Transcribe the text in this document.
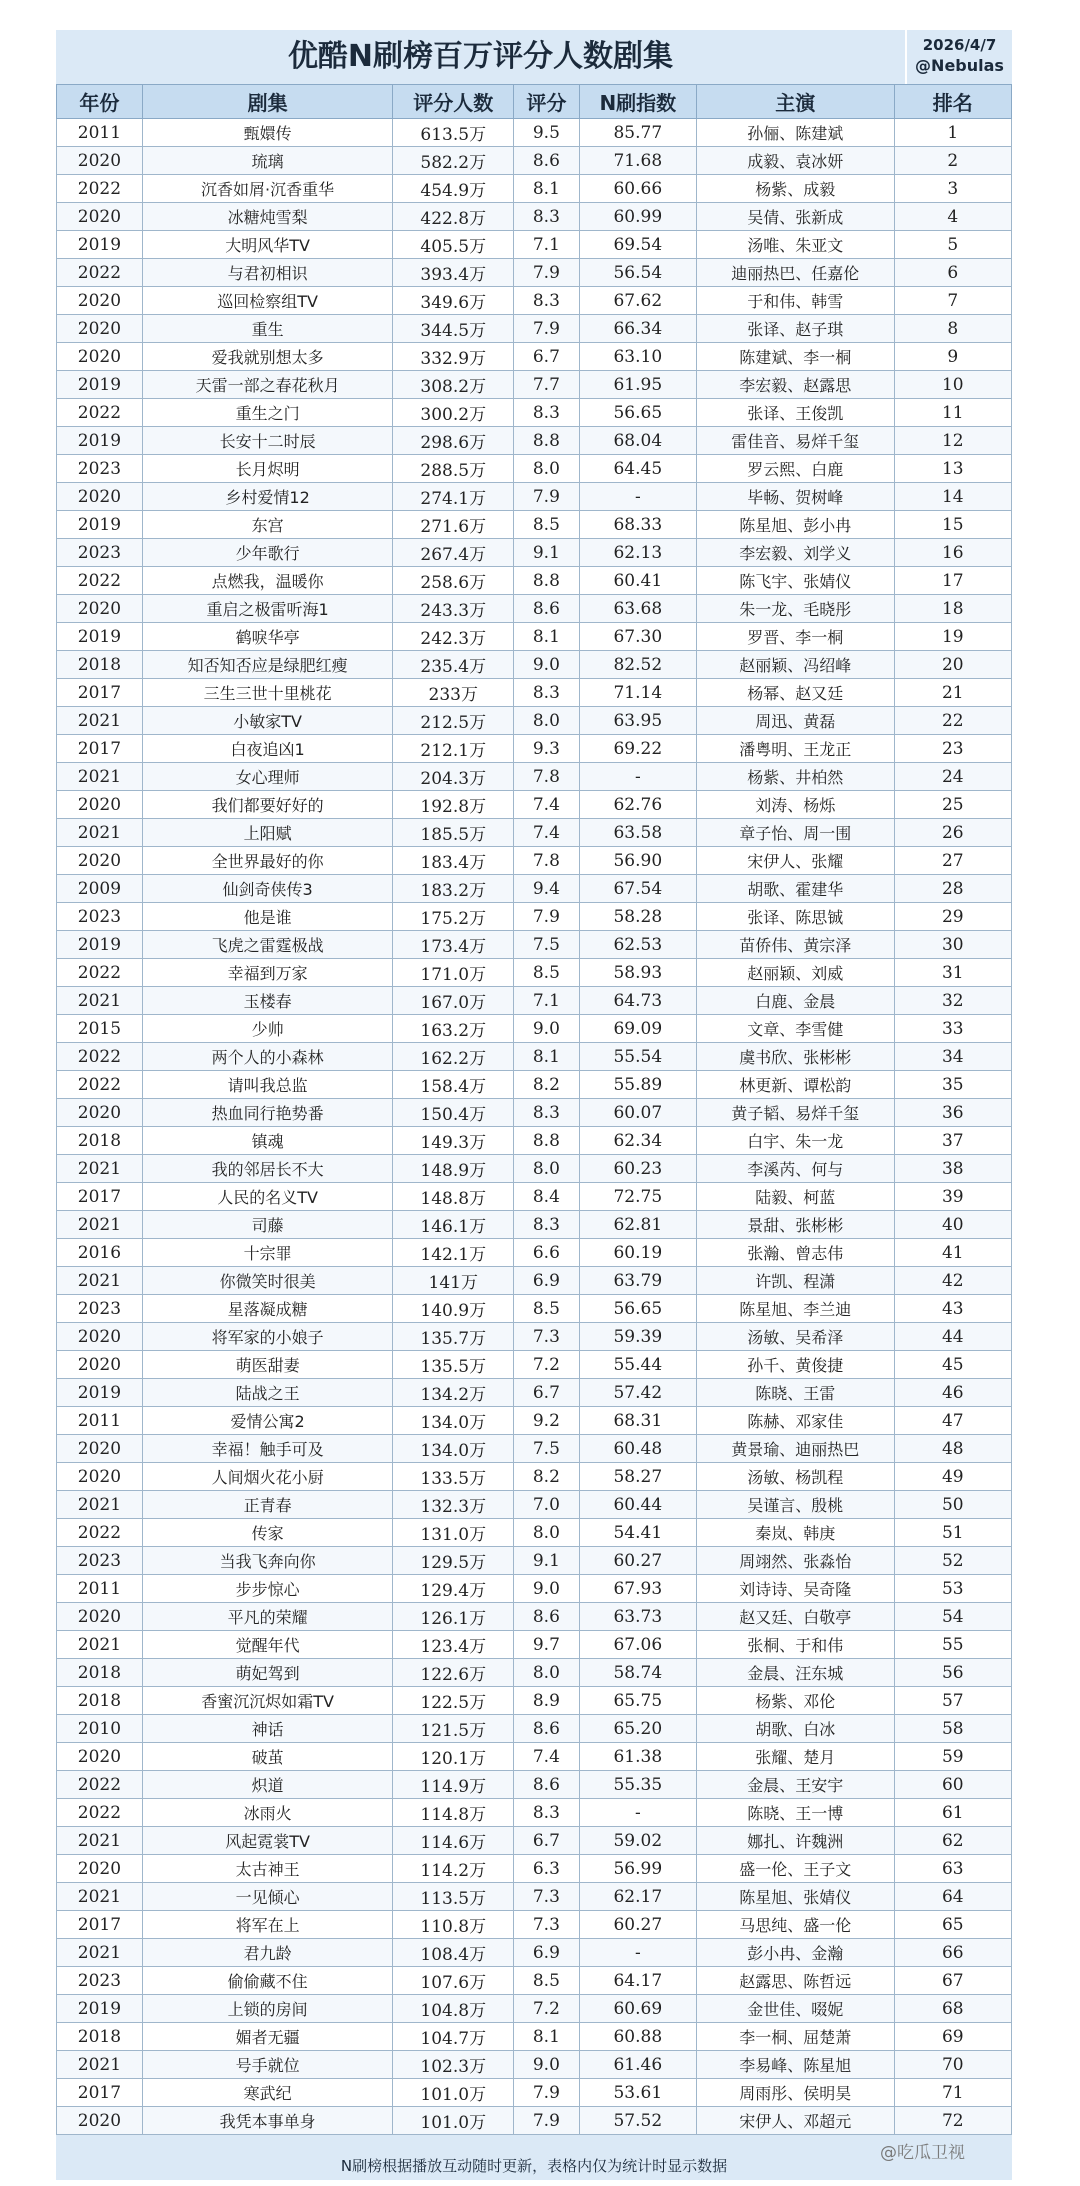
优酷N刷榜百万评分人数剧集	2026/4/7
@Nebulas
年份	剧集	评分人数	评分	N刷指数	主演	排名
2011	甄嬛传	613.5万	9.5	85.77	孙俪、陈建斌	1
2020	琉璃	582.2万	8.6	71.68	成毅、袁冰妍	2
2022	沉香如屑·沉香重华	454.9万	8.1	60.66	杨紫、成毅	3
2020	冰糖炖雪梨	422.8万	8.3	60.99	吴倩、张新成	4
2019	大明风华TV	405.5万	7.1	69.54	汤唯、朱亚文	5
2022	与君初相识	393.4万	7.9	56.54	迪丽热巴、任嘉伦	6
2020	巡回检察组TV	349.6万	8.3	67.62	于和伟、韩雪	7
2020	重生	344.5万	7.9	66.34	张译、赵子琪	8
2020	爱我就别想太多	332.9万	6.7	63.10	陈建斌、李一桐	9
2019	天雷一部之春花秋月	308.2万	7.7	61.95	李宏毅、赵露思	10
2022	重生之门	300.2万	8.3	56.65	张译、王俊凯	11
2019	长安十二时辰	298.6万	8.8	68.04	雷佳音、易烊千玺	12
2023	长月烬明	288.5万	8.0	64.45	罗云熙、白鹿	13
2020	乡村爱情12	274.1万	7.9	-	毕畅、贺树峰	14
2019	东宫	271.6万	8.5	68.33	陈星旭、彭小冉	15
2023	少年歌行	267.4万	9.1	62.13	李宏毅、刘学义	16
2022	点燃我，温暖你	258.6万	8.8	60.41	陈飞宇、张婧仪	17
2020	重启之极雷听海1	243.3万	8.6	63.68	朱一龙、毛晓彤	18
2019	鹤唳华亭	242.3万	8.1	67.30	罗晋、李一桐	19
2018	知否知否应是绿肥红瘦	235.4万	9.0	82.52	赵丽颖、冯绍峰	20
2017	三生三世十里桃花	233万	8.3	71.14	杨幂、赵又廷	21
2021	小敏家TV	212.5万	8.0	63.95	周迅、黄磊	22
2017	白夜追凶1	212.1万	9.3	69.22	潘粤明、王龙正	23
2021	女心理师	204.3万	7.8	-	杨紫、井柏然	24
2020	我们都要好好的	192.8万	7.4	62.76	刘涛、杨烁	25
2021	上阳赋	185.5万	7.4	63.58	章子怡、周一围	26
2020	全世界最好的你	183.4万	7.8	56.90	宋伊人、张耀	27
2009	仙剑奇侠传3	183.2万	9.4	67.54	胡歌、霍建华	28
2023	他是谁	175.2万	7.9	58.28	张译、陈思铖	29
2019	飞虎之雷霆极战	173.4万	7.5	62.53	苗侨伟、黄宗泽	30
2022	幸福到万家	171.0万	8.5	58.93	赵丽颖、刘威	31
2021	玉楼春	167.0万	7.1	64.73	白鹿、金晨	32
2015	少帅	163.2万	9.0	69.09	文章、李雪健	33
2022	两个人的小森林	162.2万	8.1	55.54	虞书欣、张彬彬	34
2022	请叫我总监	158.4万	8.2	55.89	林更新、谭松韵	35
2020	热血同行艳势番	150.4万	8.3	60.07	黄子韬、易烊千玺	36
2018	镇魂	149.3万	8.8	62.34	白宇、朱一龙	37
2021	我的邻居长不大	148.9万	8.0	60.23	李溪芮、何与	38
2017	人民的名义TV	148.8万	8.4	72.75	陆毅、柯蓝	39
2021	司藤	146.1万	8.3	62.81	景甜、张彬彬	40
2016	十宗罪	142.1万	6.6	60.19	张瀚、曾志伟	41
2021	你微笑时很美	141万	6.9	63.79	许凯、程潇	42
2023	星落凝成糖	140.9万	8.5	56.65	陈星旭、李兰迪	43
2020	将军家的小娘子	135.7万	7.3	59.39	汤敏、吴希泽	44
2020	萌医甜妻	135.5万	7.2	55.44	孙千、黄俊捷	45
2019	陆战之王	134.2万	6.7	57.42	陈晓、王雷	46
2011	爱情公寓2	134.0万	9.2	68.31	陈赫、邓家佳	47
2020	幸福！触手可及	134.0万	7.5	60.48	黄景瑜、迪丽热巴	48
2020	人间烟火花小厨	133.5万	8.2	58.27	汤敏、杨凯程	49
2021	正青春	132.3万	7.0	60.44	吴谨言、殷桃	50
2022	传家	131.0万	8.0	54.41	秦岚、韩庚	51
2023	当我飞奔向你	129.5万	9.1	60.27	周翊然、张淼怡	52
2011	步步惊心	129.4万	9.0	67.93	刘诗诗、吴奇隆	53
2020	平凡的荣耀	126.1万	8.6	63.73	赵又廷、白敬亭	54
2021	觉醒年代	123.4万	9.7	67.06	张桐、于和伟	55
2018	萌妃驾到	122.6万	8.0	58.74	金晨、汪东城	56
2018	香蜜沉沉烬如霜TV	122.5万	8.9	65.75	杨紫、邓伦	57
2010	神话	121.5万	8.6	65.20	胡歌、白冰	58
2020	破茧	120.1万	7.4	61.38	张耀、楚月	59
2022	炽道	114.9万	8.6	55.35	金晨、王安宇	60
2022	冰雨火	114.8万	8.3	-	陈晓、王一博	61
2021	风起霓裳TV	114.6万	6.7	59.02	娜扎、许魏洲	62
2020	太古神王	114.2万	6.3	56.99	盛一伦、王子文	63
2021	一见倾心	113.5万	7.3	62.17	陈星旭、张婧仪	64
2017	将军在上	110.8万	7.3	60.27	马思纯、盛一伦	65
2021	君九龄	108.4万	6.9	-	彭小冉、金瀚	66
2023	偷偷藏不住	107.6万	8.5	64.17	赵露思、陈哲远	67
2019	上锁的房间	104.8万	7.2	60.69	金世佳、啜妮	68
2018	媚者无疆	104.7万	8.1	60.88	李一桐、屈楚萧	69
2021	号手就位	102.3万	9.0	61.46	李易峰、陈星旭	70
2017	寒武纪	101.0万	7.9	53.61	周雨彤、侯明昊	71
2020	我凭本事单身	101.0万	7.9	57.52	宋伊人、邓超元	72
N刷榜根据播放互动随时更新，表格内仅为统计时显示数据
@吃瓜卫视
